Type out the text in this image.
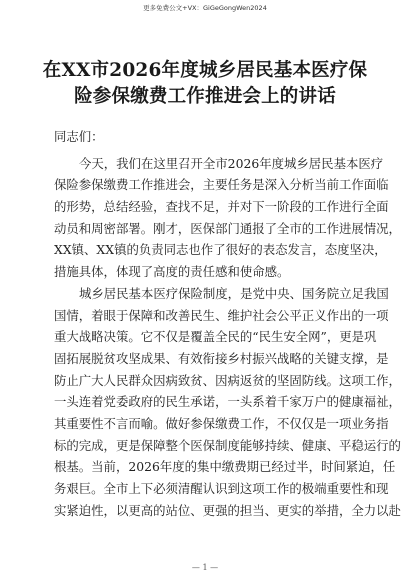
更多免费公文+VX：GiGeGongWen2024
在XX市2026年度城乡居民基本医疗保
险参保缴费工作推进会上的讲话
同志们：
今天，我们在这里召开全市2026年度城乡居民基本医疗
保险参保缴费工作推进会，主要任务是深入分析当前工作面临
的形势，总结经验，查找不足，并对下一阶段的工作进行全面
动员和周密部署。刚才，医保部门通报了全市的工作进展情况，
XX镇、XX镇的负责同志也作了很好的表态发言，态度坚决，
措施具体，体现了高度的责任感和使命感。
城乡居民基本医疗保险制度，是党中央、国务院立足我国
国情，着眼于保障和改善民生、维护社会公平正义作出的一项
重大战略决策。它不仅是覆盖全民的“民生安全网”，更是巩
固拓展脱贫攻坚成果、有效衔接乡村振兴战略的关键支撑，是
防止广大人民群众因病致贫、因病返贫的坚固防线。这项工作，
一头连着党委政府的民生承诺，一头系着千家万户的健康福祉，
其重要性不言而喻。做好参保缴费工作，不仅仅是一项业务指
标的完成，更是保障整个医保制度能够持续、健康、平稳运行的
根基。当前，2026年度的集中缴费期已经过半，时间紧迫，任
务艰巨。全市上下必须清醒认识到这项工作的极端重要性和现
实紧迫性，以更高的站位、更强的担当、更实的举措，全力以赴
— 1 —
